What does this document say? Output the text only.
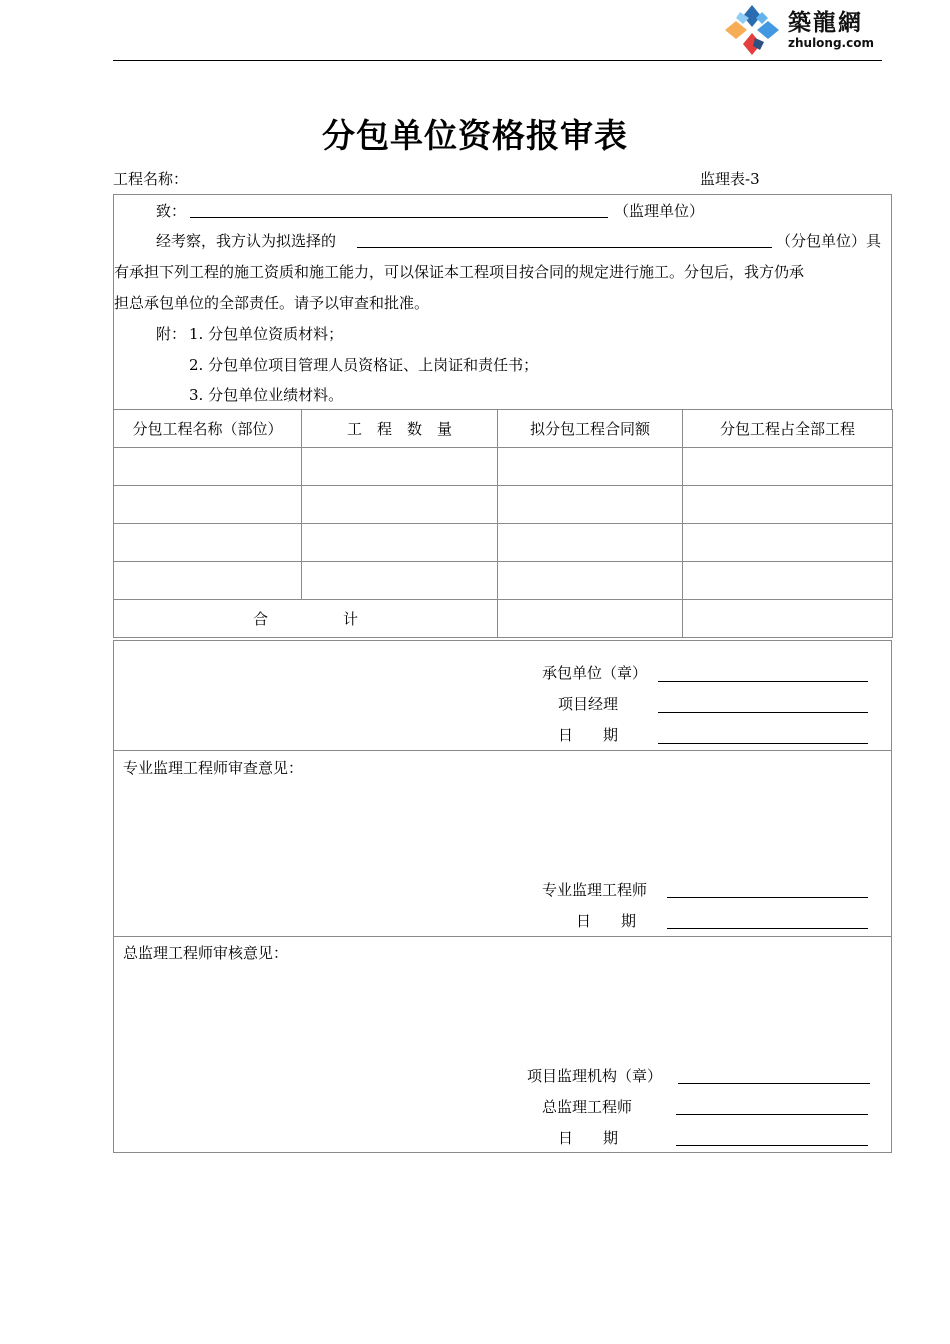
築龍網
zhulong.com
分包单位资格报审表
工程名称：	监理表-3
致：	（监理单位）
经考察，我方认为拟选择的	（分包单位）具
有承担下列工程的施工资质和施工能力，可以保证本工程项目按合同的规定进行施工。分包后，我方仍承
担总承包单位的全部责任。请予以审查和批准。
附： 1. 分包单位资质材料；
2. 分包单位项目管理人员资格证、上岗证和责任书；
3. 分包单位业绩材料。
分包工程名称（部位）	工　程　数　量	拟分包工程合同额	分包工程占全部工程

合　　　　　计			
承包单位（章）
项目经理
日　　期
专业监理工程师审查意见：
专业监理工程师
日　　期
总监理工程师审核意见：
项目监理机构（章）
总监理工程师
日　　期
